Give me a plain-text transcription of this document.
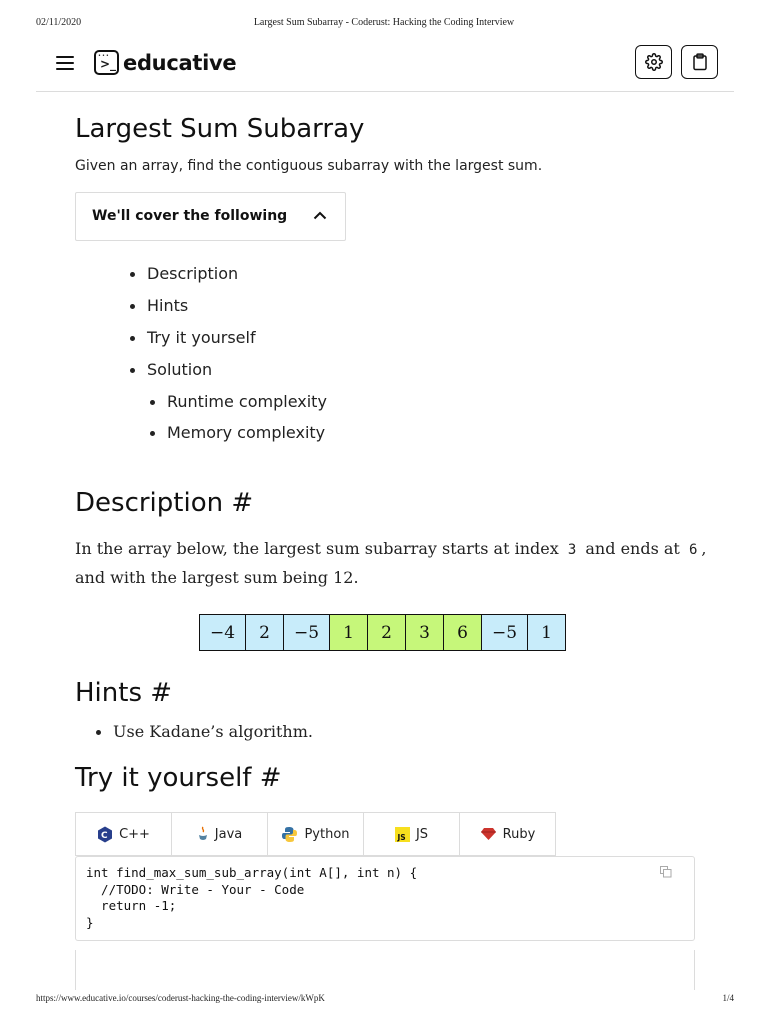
02/11/2020	Largest Sum Subarray - Coderust: Hacking the Coding Interview
•••
>_ educative
Largest Sum Subarray

Given an array, find the contiguous subarray with the largest sum.

We'll cover the following
Description
Hints
Try it yourself
Solution
Runtime complexity
Memory complexity
Description #

In the array below, the largest sum subarray starts at index 3 and ends at 6 , and with the largest sum being 12.

−4	2	−5	1	2	3	6	−5	1
Hints #
Use Kadane’s algorithm.
Try it yourself #
C C++	Java	Python	JS JS	Ruby
int find_max_sum_sub_array(int A[], int n) {
//TODO: Write - Your - Code
return -1;
}
https://www.educative.io/courses/coderust-hacking-the-coding-interview/kWpK	1/4
